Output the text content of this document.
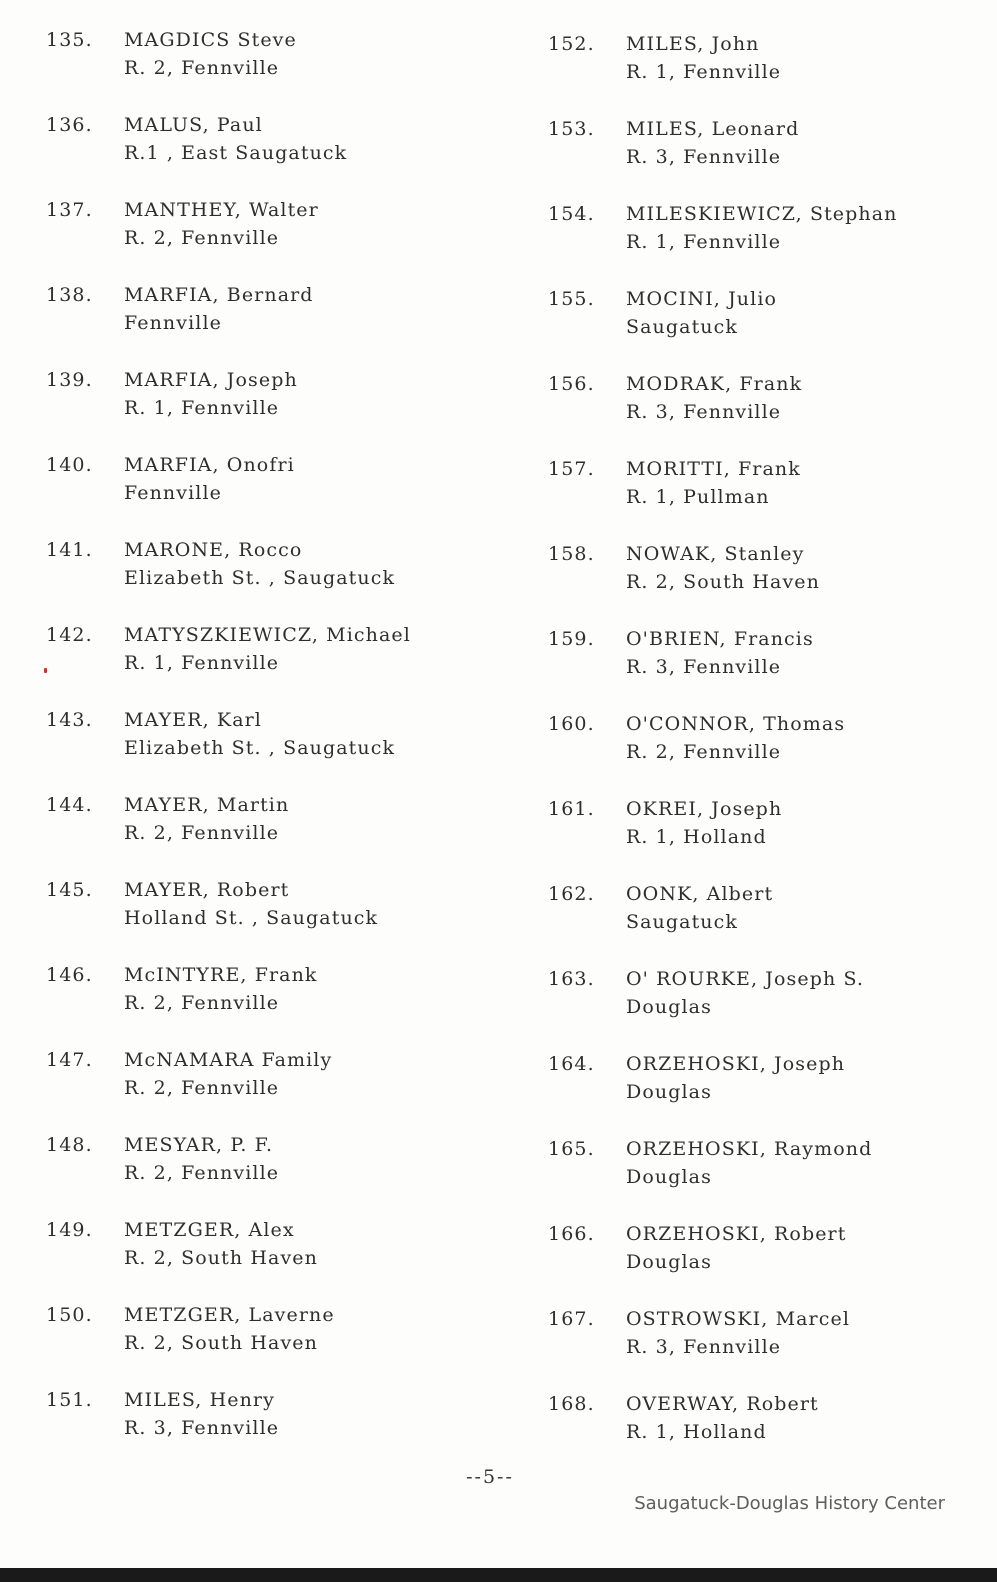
135.	MAGDICS Steve
R. 2, Fennville
136.	MALUS, Paul
R.1 , East Saugatuck
137.	MANTHEY, Walter
R. 2, Fennville
138.	MARFIA, Bernard
Fennville
139.	MARFIA, Joseph
R. 1, Fennville
140.	MARFIA, Onofri
Fennville
141.	MARONE, Rocco
Elizabeth St. , Saugatuck
142.	MATYSZKIEWICZ, Michael
R. 1, Fennville
143.	MAYER, Karl
Elizabeth St. , Saugatuck
144.	MAYER, Martin
R. 2, Fennville
145.	MAYER, Robert
Holland St. , Saugatuck
146.	McINTYRE, Frank
R. 2, Fennville
147.	McNAMARA Family
R. 2, Fennville
148.	MESYAR, P. F.
R. 2, Fennville
149.	METZGER, Alex
R. 2, South Haven
150.	METZGER, Laverne
R. 2, South Haven
151.	MILES, Henry
R. 3, Fennville
152.	MILES, John
R. 1, Fennville
153.	MILES, Leonard
R. 3, Fennville
154.	MILESKIEWICZ, Stephan
R. 1, Fennville
155.	MOCINI, Julio
Saugatuck
156.	MODRAK, Frank
R. 3, Fennville
157.	MORITTI, Frank
R. 1, Pullman
158.	NOWAK, Stanley
R. 2, South Haven
159.	O'BRIEN, Francis
R. 3, Fennville
160.	O'CONNOR, Thomas
R. 2, Fennville
161.	OKREI, Joseph
R. 1, Holland
162.	OONK, Albert
Saugatuck
163.	O' ROURKE, Joseph S.
Douglas
164.	ORZEHOSKI, Joseph
Douglas
165.	ORZEHOSKI, Raymond
Douglas
166.	ORZEHOSKI, Robert
Douglas
167.	OSTROWSKI, Marcel
R. 3, Fennville
168.	OVERWAY, Robert
R. 1, Holland
--5--
Saugatuck-Douglas History Center
